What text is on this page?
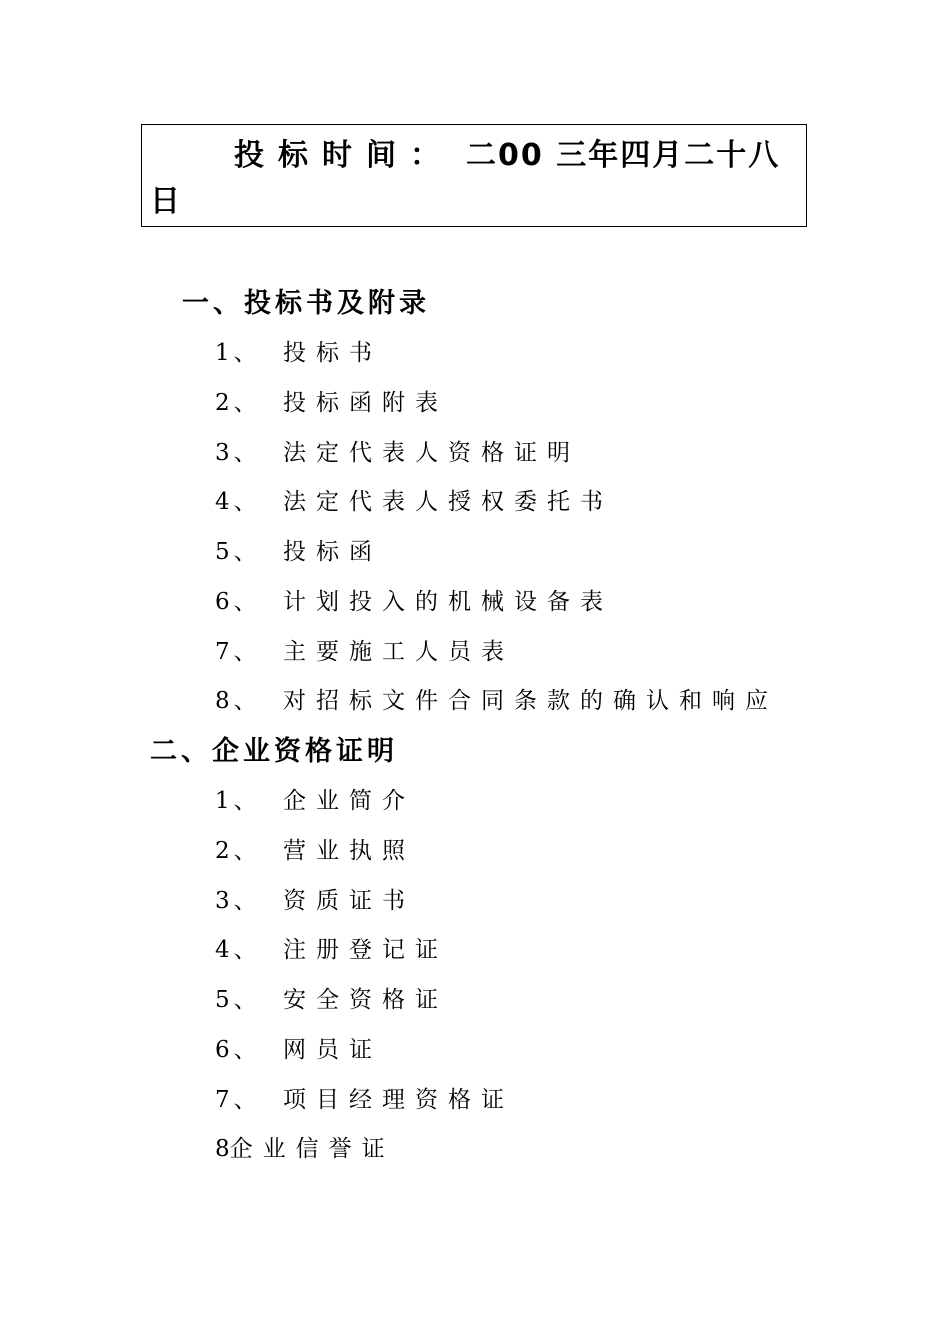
投标时间： 二00 三年四月二十八
日
一、投标书及附录
1、 投标书
2、 投标函附表
3、 法定代表人资格证明
4、 法定代表人授权委托书
5、 投标函
6、 计划投入的机械设备表
7、 主要施工人员表
8、 对招标文件合同条款的确认和响应
二、企业资格证明
1、 企业简介
2、 营业执照
3、 资质证书
4、 注册登记证
5、 安全资格证
6、 网员证
7、 项目经理资格证
8企业信誉证
